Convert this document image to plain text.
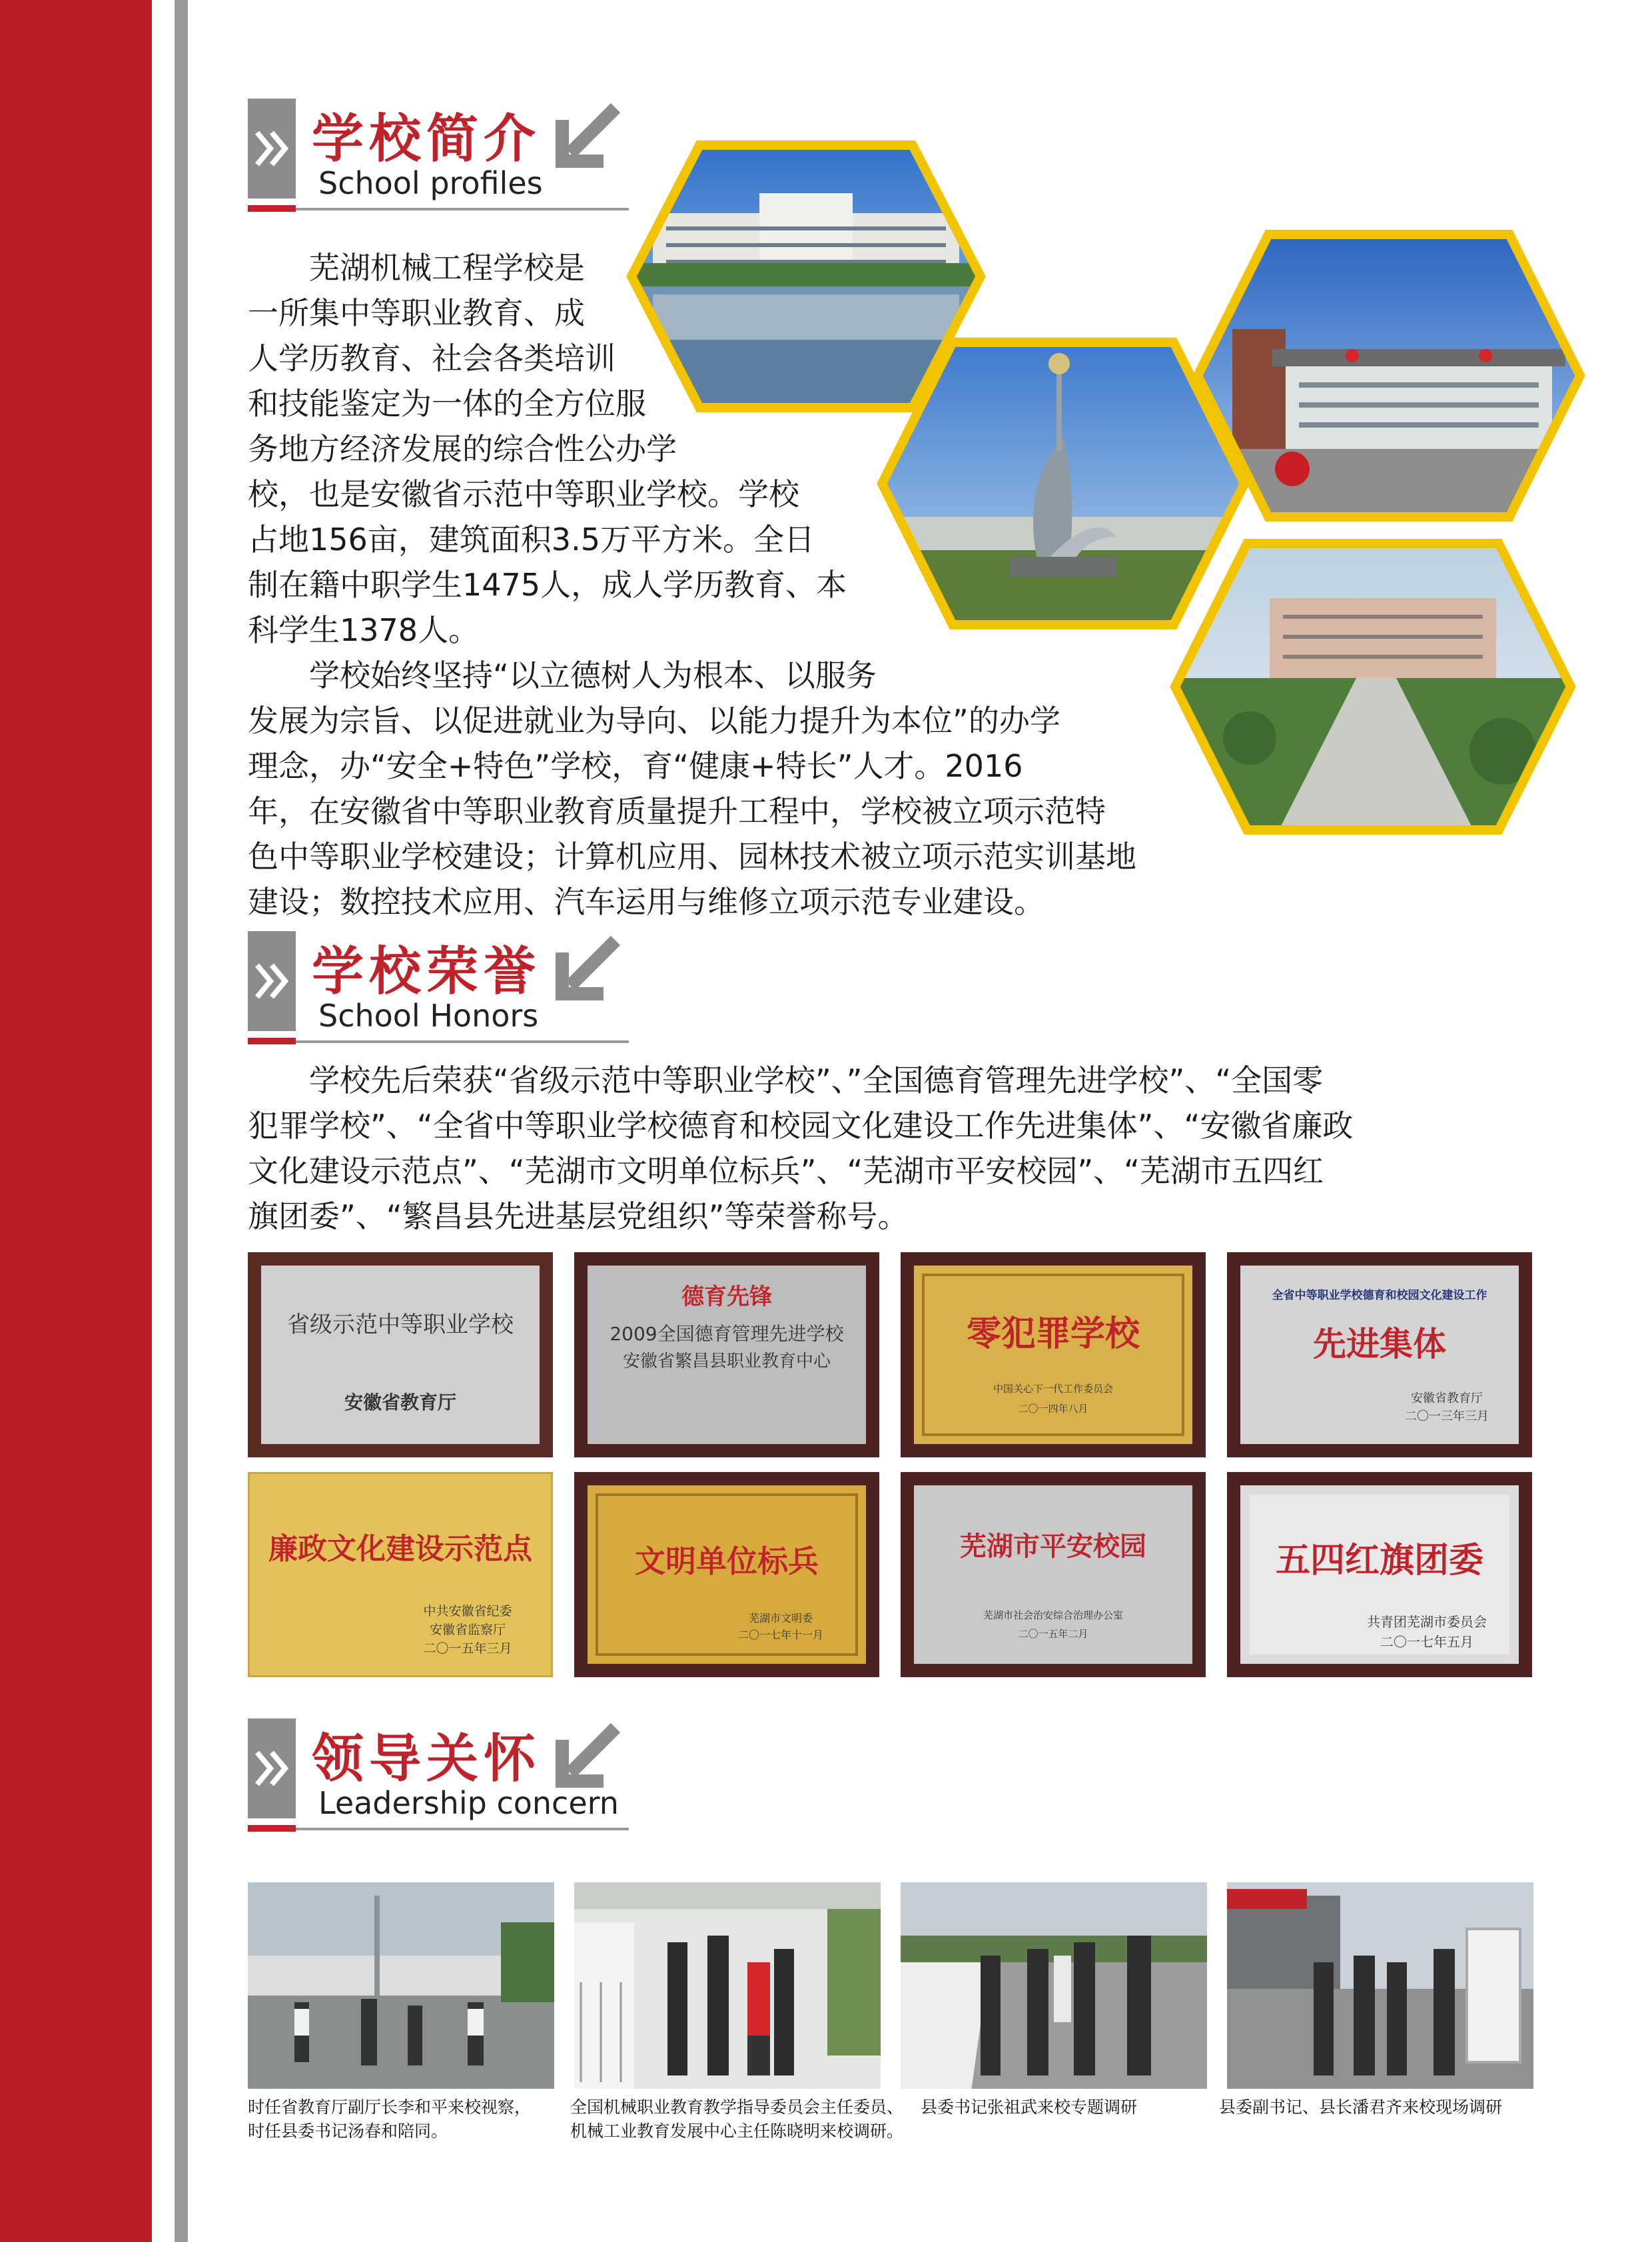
学校简介
School profiles
　　芜湖机械工程学校是
一所集中等职业教育、成
人学历教育、社会各类培训
和技能鉴定为一体的全方位服
务地方经济发展的综合性公办学
校，也是安徽省示范中等职业学校。学校
占地156亩，建筑面积3.5万平方米。全日
制在籍中职学生1475人，成人学历教育、本
科学生1378人。
　　学校始终坚持“以立德树人为根本、以服务
发展为宗旨、以促进就业为导向、以能力提升为本位”的办学
理念，办“安全+特色”学校，育“健康+特长”人才。2016
年，在安徽省中等职业教育质量提升工程中，学校被立项示范特
色中等职业学校建设；计算机应用、园林技术被立项示范实训基地
建设；数控技术应用、汽车运用与维修立项示范专业建设。
学校荣誉
School Honors
　　学校先后荣获“省级示范中等职业学校”、”全国德育管理先进学校”、“全国零
犯罪学校”、“全省中等职业学校德育和校园文化建设工作先进集体”、“安徽省廉政
文化建设示范点”、“芜湖市文明单位标兵”、“芜湖市平安校园”、“芜湖市五四红
旗团委”、“繁昌县先进基层党组织”等荣誉称号。
省级示范中等职业学校
安徽省教育厅
德育先锋
2009全国德育管理先进学校
安徽省繁昌县职业教育中心
零犯罪学校
中国关心下一代工作委员会
二〇一四年八月
全省中等职业学校德育和校园文化建设工作
先进集体
安徽省教育厅
二〇一三年三月
廉政文化建设示范点
中共安徽省纪委
安徽省监察厅
二〇一五年三月
文明单位标兵
芜湖市文明委
二〇一七年十一月
芜湖市平安校园
芜湖市社会治安综合治理办公室
二〇一五年二月
五四红旗团委
共青团芜湖市委员会
二〇一七年五月
领导关怀
Leadership concern
时任省教育厅副厅长李和平来校视察，
时任县委书记汤春和陪同。
全国机械职业教育教学指导委员会主任委员、
机械工业教育发展中心主任陈晓明来校调研。
县委书记张祖武来校专题调研	县委副书记、县长潘君齐来校现场调研
